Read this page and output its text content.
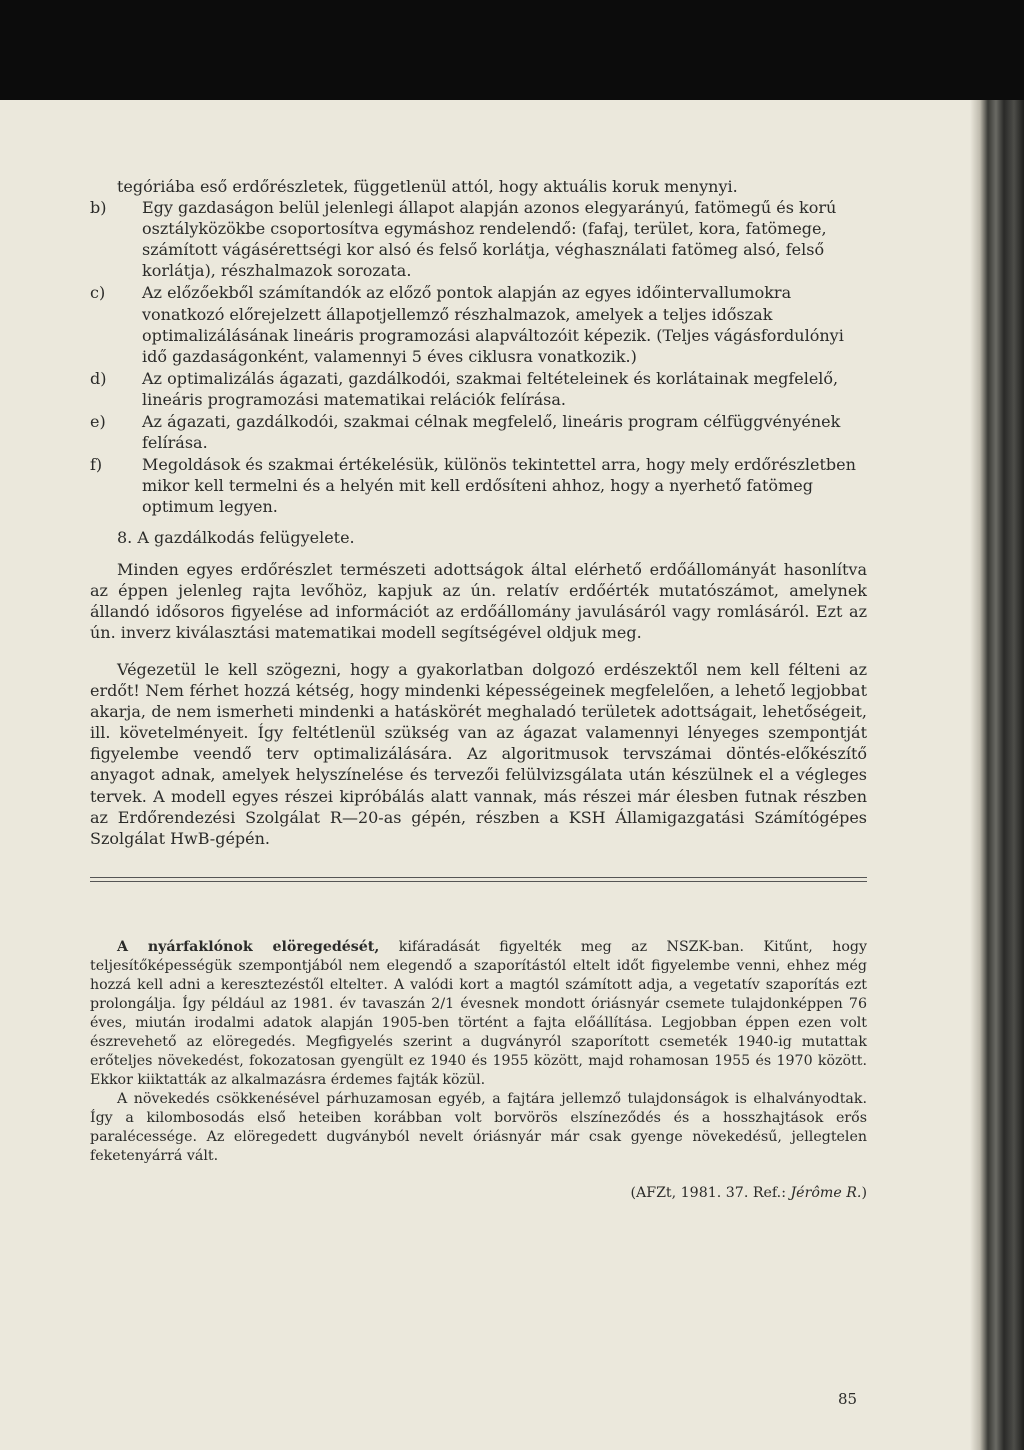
tegóriába eső erdőrészletek, függetlenül attól, hogy aktuális koruk menynyi.
b) Egy gazdaságon belül jelenlegi állapot alapján azonos elegyarányú, fatömegű és korú osztályközökbe csoportosítva egymáshoz rendelendő: (fafaj, terület, kora, fatömege, számított vágásérettségi kor alsó és felső korlátja, véghasználati fatömeg alsó, felső korlátja), részhalmazok sorozata.
c) Az előzőekből számítandók az előző pontok alapján az egyes időintervallumokra vonatkozó előrejelzett állapotjellemző részhalmazok, amelyek a teljes időszak optimalizálásának lineáris programozási alapváltozóit képezik. (Teljes vágásfordulónyi idő gazdaságonként, valamennyi 5 éves ciklusra vonatkozik.)
d) Az optimalizálás ágazati, gazdálkodói, szakmai feltételeinek és korlátainak megfelelő, lineáris programozási matematikai relációk felírása.
e) Az ágazati, gazdálkodói, szakmai célnak megfelelő, lineáris program célfüggvényének felírása.
f) Megoldások és szakmai értékelésük, különös tekintettel arra, hogy mely erdőrészletben mikor kell termelni és a helyén mit kell erdősíteni ahhoz, hogy a nyerhető fatömeg optimum legyen.
8. A gazdálkodás felügyelete.

Minden egyes erdőrészlet természeti adottságok által elérhető erdőállományát hasonlítva az éppen jelenleg rajta levőhöz, kapjuk az ún. relatív erdőérték mutatószámot, amelynek állandó idősoros figyelése ad információt az erdőállomány javulásáról vagy romlásáról. Ezt az ún. inverz kiválasztási matematikai modell segítségével oldjuk meg.

Végezetül le kell szögezni, hogy a gyakorlatban dolgozó erdészektől nem kell félteni az erdőt! Nem férhet hozzá kétség, hogy mindenki képességeinek megfelelően, a lehető legjobbat akarja, de nem ismerheti mindenki a hatáskörét meghaladó területek adottságait, lehetőségeit, ill. követelményeit. Így feltétlenül szükség van az ágazat valamennyi lényeges szempontját figyelembe veendő terv optimalizálására. Az algoritmusok tervszámai döntés-előkészítő anyagot adnak, amelyek helyszínelése és tervezői felülvizsgálata után készülnek el a végleges tervek. A modell egyes részei kipróbálás alatt vannak, más részei már élesben futnak részben az Erdőrendezési Szolgálat R—20-as gépén, részben a KSH Államigazgatási Számítógépes Szolgálat HwB-gépén.

A nyárfaklónok elöregedését, kifáradását figyelték meg az NSZK-ban. Kitűnt, hogy teljesítőképességük szempontjából nem elegendő a szaporítástól eltelt időt figyelembe venni, ehhez még hozzá kell adni a keresztezéstől eltelteт. A valódi kort a magtól számított adja, a vegetatív szaporítás ezt prolongálja. Így például az 1981. év tavaszán 2/1 évesnek mondott óriásnyár csemete tulajdonképpen 76 éves, miután irodalmi adatok alapján 1905-ben történt a fajta előállítása. Legjobban éppen ezen volt észrevehető az elöregedés. Megfigyelés szerint a dugványról szaporított csemeték 1940-ig mutattak erőteljes növekedést, fokozatosan gyengült ez 1940 és 1955 között, majd rohamosan 1955 és 1970 között. Ekkor kiiktatták az alkalmazásra érdemes fajták közül.

A növekedés csökkenésével párhuzamosan egyéb, a fajtára jellemző tulajdonságok is elhalványodtak. Így a kilombosodás első heteiben korábban volt borvörös elszíneződés és a hosszhajtások erős paralécessége. Az elöregedett dugványból nevelt óriásnyár már csak gyenge növekedésű, jellegtelen feketenyárrá vált.

(AFZt, 1981. 37. Ref.: Jérôme R.)
85
